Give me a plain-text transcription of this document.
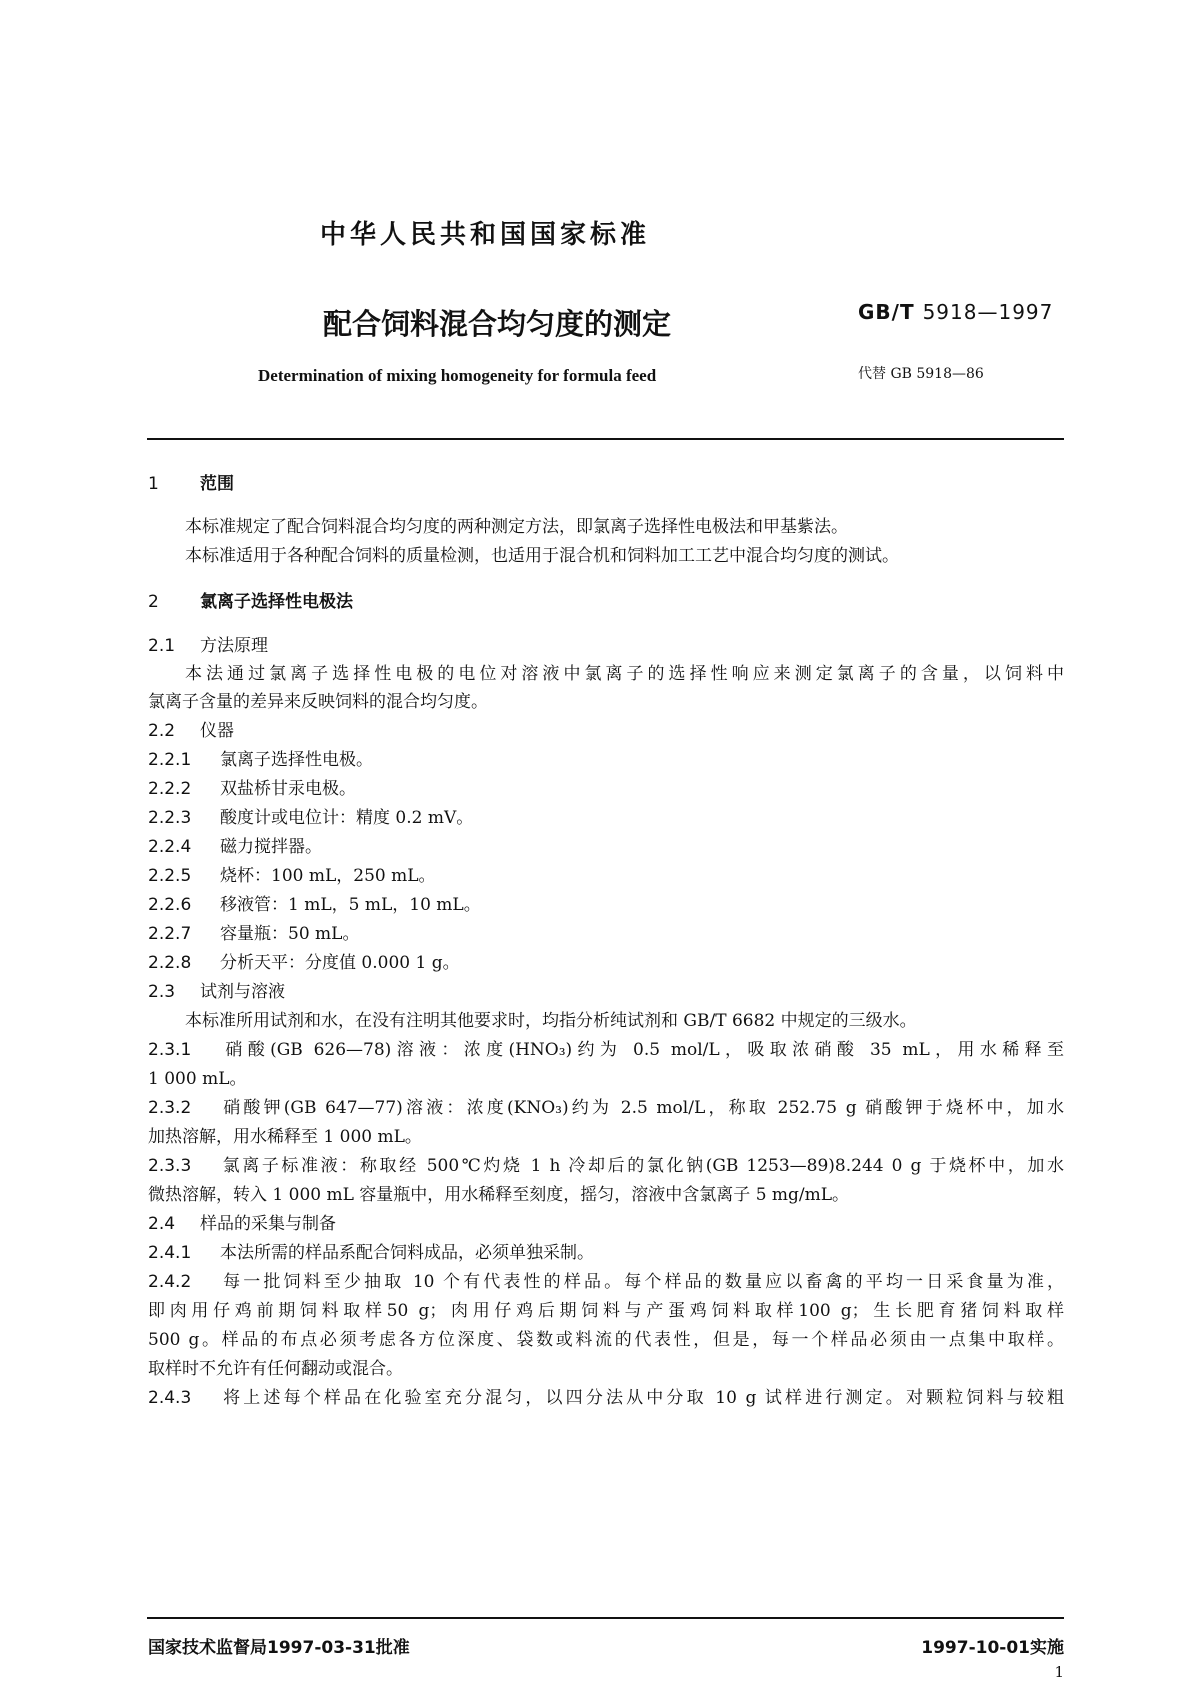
中华人民共和国国家标准
配合饲料混合均匀度的测定	GB/T 5918—1997
Determination of mixing homogeneity for formula feed	代替 GB 5918—86
1 范围
本标准规定了配合饲料混合均匀度的两种测定方法，即氯离子选择性电极法和甲基紫法。
本标准适用于各种配合饲料的质量检测，也适用于混合机和饲料加工工艺中混合均匀度的测试。
2 氯离子选择性电极法
2.1 方法原理
本法通过氯离子选择性电极的电位对溶液中氯离子的选择性响应来测定氯离子的含量，以饲料中
氯离子含量的差异来反映饲料的混合均匀度。
2.2 仪器
2.2.1 氯离子选择性电极。
2.2.2 双盐桥甘汞电极。
2.2.3 酸度计或电位计：精度 0.2 mV。
2.2.4 磁力搅拌器。
2.2.5 烧杯：100 mL，250 mL。
2.2.6 移液管：1 mL，5 mL，10 mL。
2.2.7 容量瓶：50 mL。
2.2.8 分析天平：分度值 0.000 1 g。
2.3 试剂与溶液
本标准所用试剂和水，在没有注明其他要求时，均指分析纯试剂和 GB/T 6682 中规定的三级水。
2.3.1 硝酸(GB 626—78)溶液：浓度(HNO₃)约为 0.5 mol/L，吸取浓硝酸 35 mL，用水稀释至
1 000 mL。
2.3.2 硝酸钾(GB 647—77)溶液：浓度(KNO₃)约为 2.5 mol/L，称取 252.75 g 硝酸钾于烧杯中，加水
加热溶解，用水稀释至 1 000 mL。
2.3.3 氯离子标准液：称取经 500℃灼烧 1 h 冷却后的氯化钠(GB 1253—89)8.244 0 g 于烧杯中，加水
微热溶解，转入 1 000 mL 容量瓶中，用水稀释至刻度，摇匀，溶液中含氯离子 5 mg/mL。
2.4 样品的采集与制备
2.4.1 本法所需的样品系配合饲料成品，必须单独采制。
2.4.2 每一批饲料至少抽取 10 个有代表性的样品。每个样品的数量应以畜禽的平均一日采食量为准，
即肉用仔鸡前期饲料取样50 g；肉用仔鸡后期饲料与产蛋鸡饲料取样100 g；生长肥育猪饲料取样
500 g。样品的布点必须考虑各方位深度、袋数或料流的代表性，但是，每一个样品必须由一点集中取样。
取样时不允许有任何翻动或混合。
2.4.3 将上述每个样品在化验室充分混匀，以四分法从中分取 10 g 试样进行测定。对颗粒饲料与较粗
国家技术监督局1997-03-31批准	1997-10-01实施
1
